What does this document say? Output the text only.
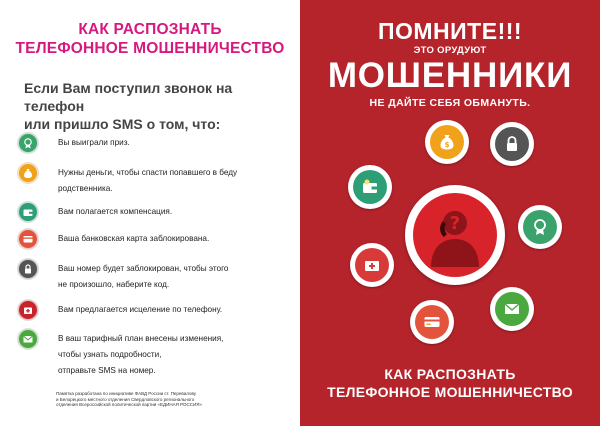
КАК РАСПОЗНАТЬ
ТЕЛЕФОННОЕ МОШЕННИЧЕСТВО
Если Вам поступил звонок на телефон
или пришло SMS о том, что:
Вы выиграли приз.
Нужны деньги, чтобы спасти попавшего в беду
родственника.
Вам полагается компенсация.
Ваша банковская карта заблокирована.
Ваш номер будет заблокирован, чтобы этого
не произошло, наберите код.
Вам предлагается исцеление по телефону.
В ваш тарифный план внесены изменения,
чтобы узнать подробности,
отправьте SMS на номер.
Памятка разработана по инициативе ФАВД России ст. Перевалову
и Белорецкого местного отделения Свердловского регионального
отделения Всероссийской политической партии «ЕДИНАЯ РОССИЯ»
ПОМНИТЕ!!!
ЭТО ОРУДУЮТ
МОШЕННИКИ
НЕ ДАЙТЕ СЕБЯ ОБМАНУТЬ.
$
?
КАК РАСПОЗНАТЬ
ТЕЛЕФОННОЕ МОШЕННИЧЕСТВО
